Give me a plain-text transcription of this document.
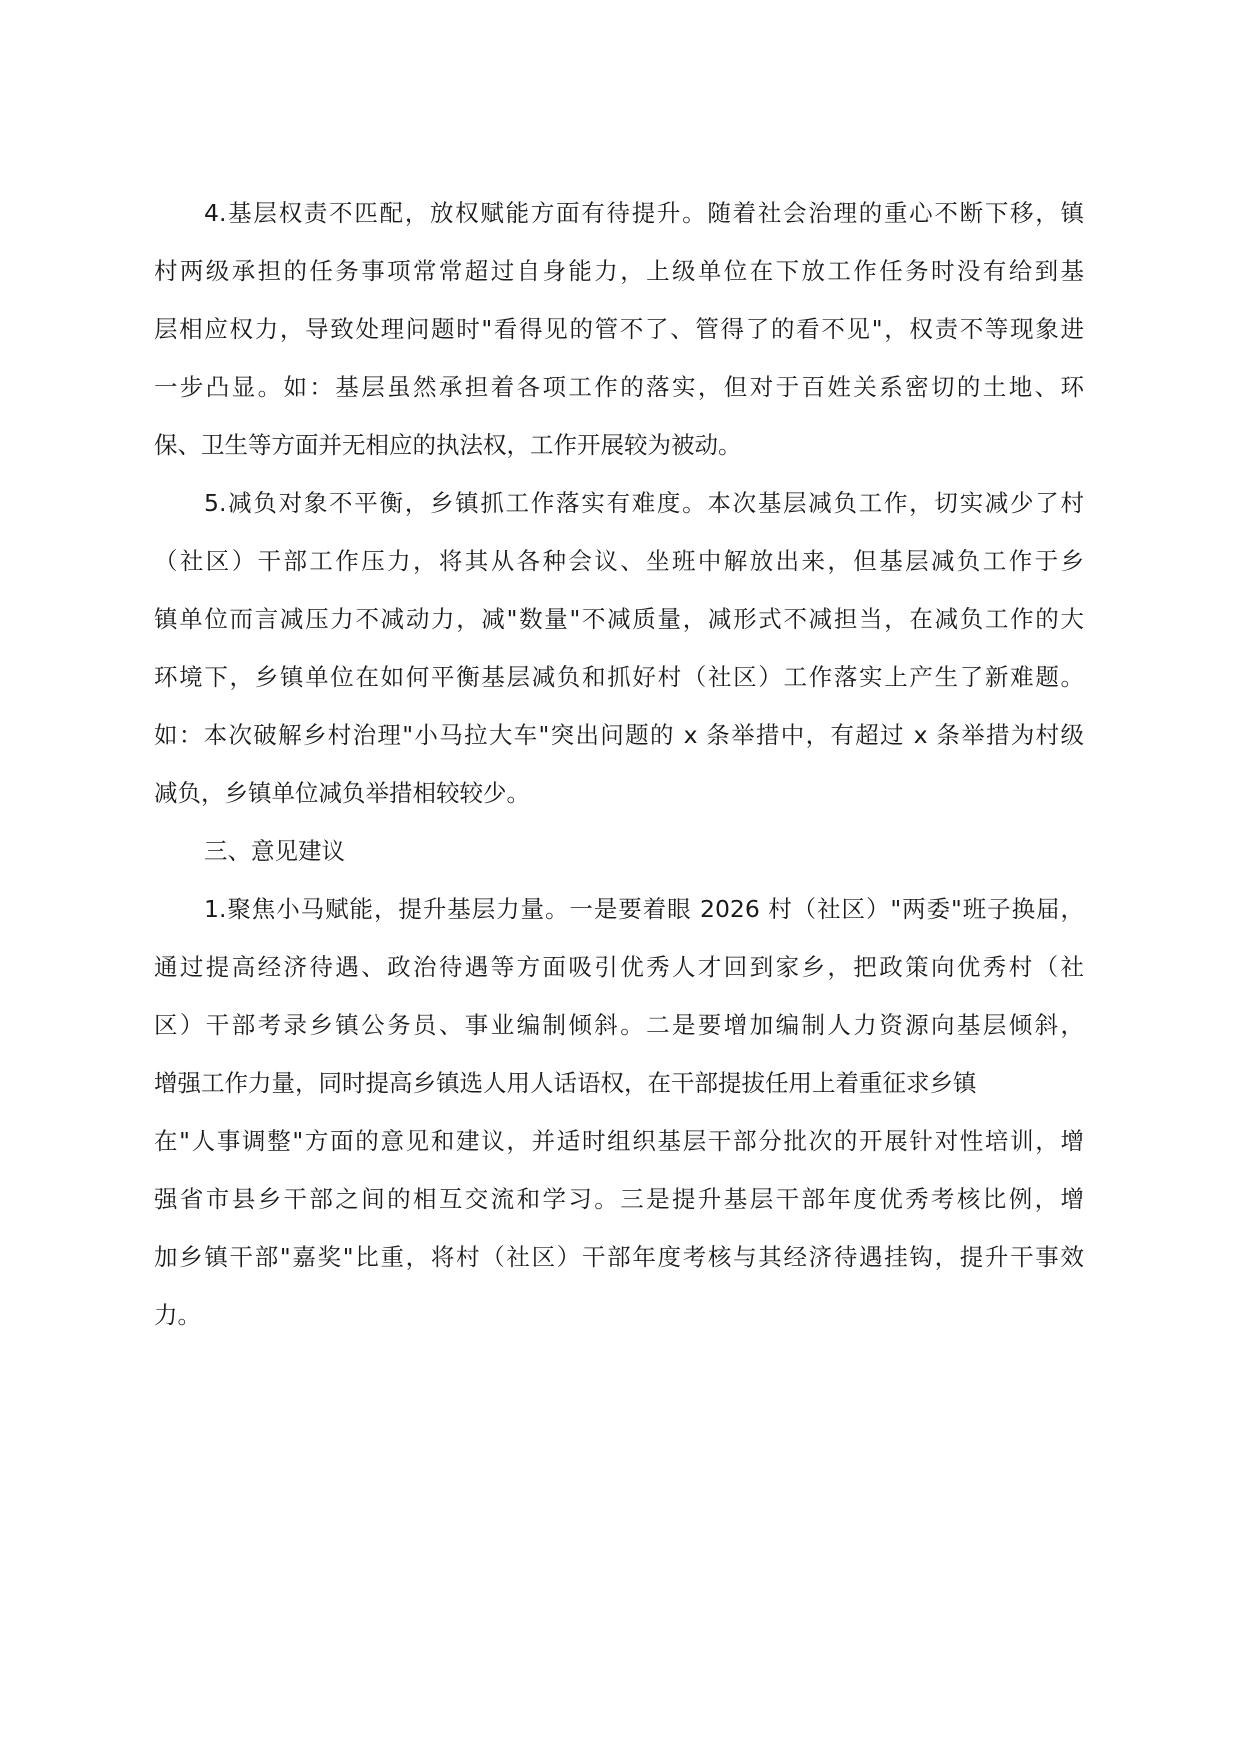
4.基层权责不匹配，放权赋能方面有待提升。随着社会治理的重心不断下移，镇
村两级承担的任务事项常常超过自身能力，上级单位在下放工作任务时没有给到基
层相应权力，导致处理问题时"看得见的管不了、管得了的看不见"，权责不等现象进
一步凸显。如：基层虽然承担着各项工作的落实，但对于百姓关系密切的土地、环
保、卫生等方面并无相应的执法权，工作开展较为被动。
5.减负对象不平衡，乡镇抓工作落实有难度。本次基层减负工作，切实减少了村
（社区）干部工作压力，将其从各种会议、坐班中解放出来，但基层减负工作于乡
镇单位而言减压力不减动力，减"数量"不减质量，减形式不减担当，在减负工作的大
环境下，乡镇单位在如何平衡基层减负和抓好村（社区）工作落实上产生了新难题。
如：本次破解乡村治理"小马拉大车"突出问题的 x 条举措中，有超过 x 条举措为村级
减负，乡镇单位减负举措相较较少。
三、意见建议
1.聚焦小马赋能，提升基层力量。一是要着眼 2026 村（社区）"两委"班子换届，
通过提高经济待遇、政治待遇等方面吸引优秀人才回到家乡，把政策向优秀村（社
区）干部考录乡镇公务员、事业编制倾斜。二是要增加编制人力资源向基层倾斜，
增强工作力量，同时提高乡镇选人用人话语权，在干部提拔任用上着重征求乡镇
在"人事调整"方面的意见和建议，并适时组织基层干部分批次的开展针对性培训，增
强省市县乡干部之间的相互交流和学习。三是提升基层干部年度优秀考核比例，增
加乡镇干部"嘉奖"比重，将村（社区）干部年度考核与其经济待遇挂钩，提升干事效
力。
